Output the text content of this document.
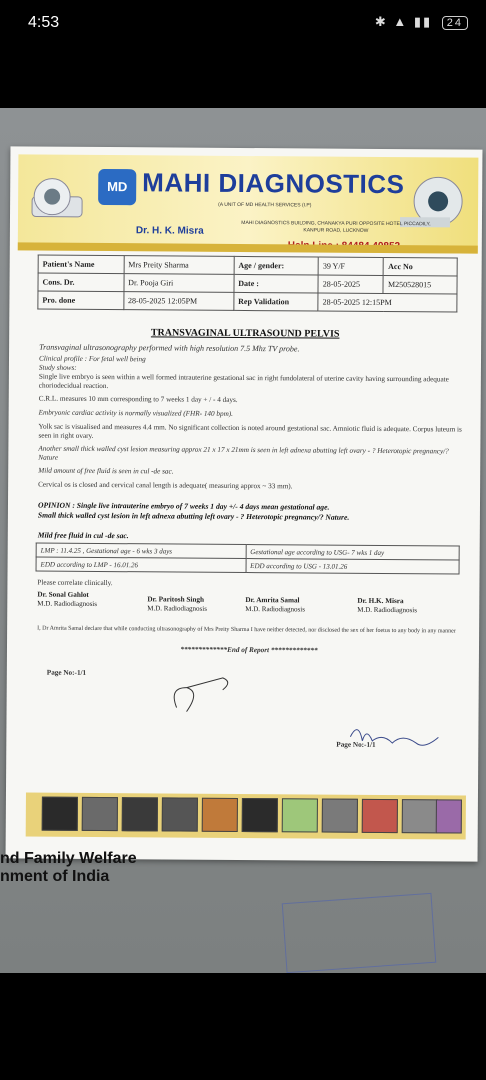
4:53	✱ ▲ ▮▮ 24
MD MAHI DIAGNOSTICS
(A UNIT OF MD HEALTH SERVICES (I.P)
Dr. H. K. Misra
MAHI DIAGNOSTICS BUILDING, CHANAKYA PURI OPPOSITE HOTEL PICCADILY, KANPUR ROAD, LUCKNOW
Patient's Name	Mrs Preity Sharma	Age / gender:	39 Y/F	Acc No
Cons. Dr.	Dr. Pooja Giri	Date :	28-05-2025	M250528015
Pro. done	28-05-2025 12:05PM	Rep Validation	28-05-2025 12:15PM	
TRANSVAGINAL ULTRASOUND PELVIS
Transvaginal ultrasonography performed with high resolution 7.5 Mhz TV probe.
Clinical profile : For fetal well being
Study shows:
Single live embryo is seen within a well formed intrauterine gestational sac in right fundolateral of uterine cavity having surrounding adequate choriodecidual reaction.
C.R.L. measures 10 mm corresponding to 7 weeks 1 day + / - 4 days.
Embryonic cardiac activity is normally visualized (FHR- 140 bpm).
Yolk sac is visualised and measures 4.4 mm. No significant collection is noted around gestational sac. Amniotic fluid is adequate. Corpus luteum is seen in right ovary.
Another small thick walled cyst lesion measuring approx 21 x 17 x 21mm is seen in left adnexa abutting left ovary - ? Heterotopic pregnancy/? Nature
Mild amount of free fluid is seen in cul -de sac.
Cervical os is closed and cervical canal length is adequate( measuring approx ~ 33 mm).
OPINION : Single live intrauterine embryo of 7 weeks 1 day +/- 4 days mean gestational age.
Small thick walled cyst lesion in left adnexa abutting left ovary - ? Heterotopic pregnancy/? Nature.
Mild free fluid in cul -de sac.
LMP : 11.4.25 , Gestational age - 6 wks 3 days	Gestational age according to USG- 7 wks 1 day
EDD according to LMP - 16.01.26	EDD according to USG - 13.01.26
Please correlate clinically.
Dr. Sonal Gahlot
M.D. Radiodiagnosis
Dr. Paritosh Singh
M.D. Radiodiagnosis
Dr. Amrita Samal
M.D. Radiodiagnosis
Dr. H.K. Misra
M.D. Radiodiagnosis
I, Dr Amrita Samal declare that while conducting ultrasonography of Mrs Preity Sharma I have neither detected, nor disclosed the sex of her foetus to any body in any manner
*************End of Report *************
Page No:-1/1
Page No:-1/1
nd Family Welfare
nment of India
